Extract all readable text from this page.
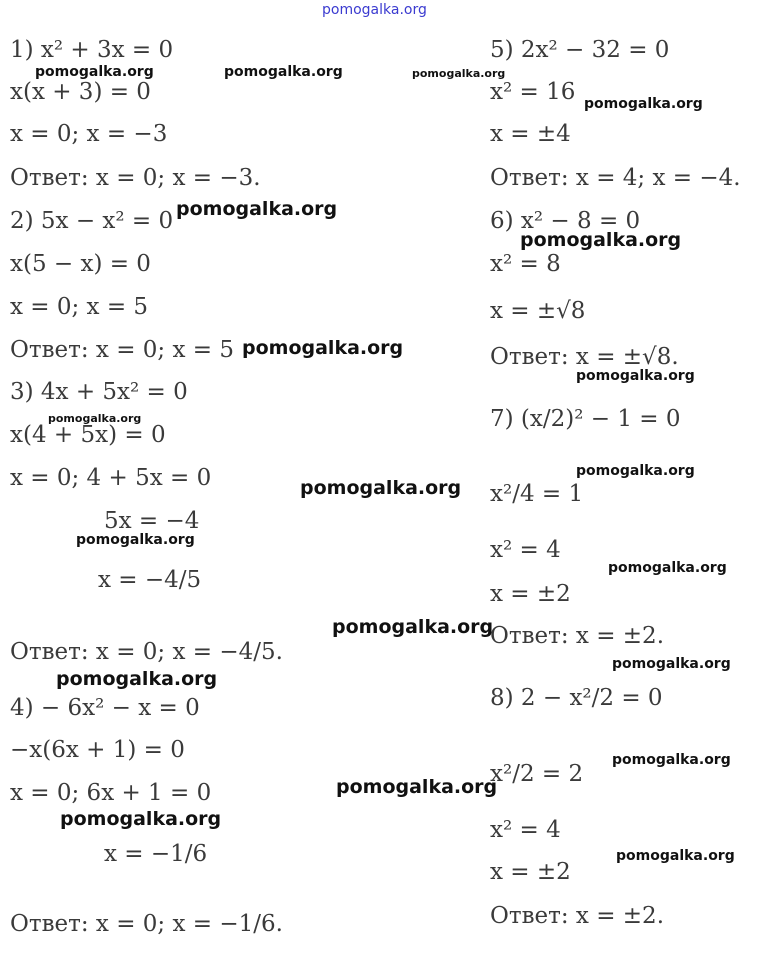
pomogalka.org
pomogalka.org	pomogalka.org	pomogalka.org
pomogalka.org
pomogalka.org
pomogalka.org
pomogalka.org
pomogalka.org
pomogalka.org
pomogalka.org
pomogalka.org
pomogalka.org
pomogalka.org
pomogalka.org
pomogalka.org
pomogalka.org
pomogalka.org
pomogalka.org
pomogalka.org
pomogalka.org
1) x² + 3x = 0
x(x + 3) = 0
x = 0; x = −3
Ответ: x = 0; x = −3.
2) 5x − x² = 0
x(5 − x) = 0
x = 0; x = 5
Ответ: x = 0; x = 5
3) 4x + 5x² = 0
x(4 + 5x) = 0
x = 0; 4 + 5x = 0
5x = −4
x = −4/5
Ответ: x = 0; x = −4/5.
4) − 6x² − x = 0
−x(6x + 1) = 0
x = 0; 6x + 1 = 0
x = −1/6
Ответ: x = 0; x = −1/6.
5) 2x² − 32 = 0
x² = 16
x = ±4
Ответ: x = 4; x = −4.
6) x² − 8 = 0
x² = 8
x = ±√8
Ответ: x = ±√8.
7) (x/2)² − 1 = 0
x²/4 = 1
x² = 4
x = ±2
Ответ: x = ±2.
8) 2 − x²/2 = 0
x²/2 = 2
x² = 4
x = ±2
Ответ: x = ±2.
